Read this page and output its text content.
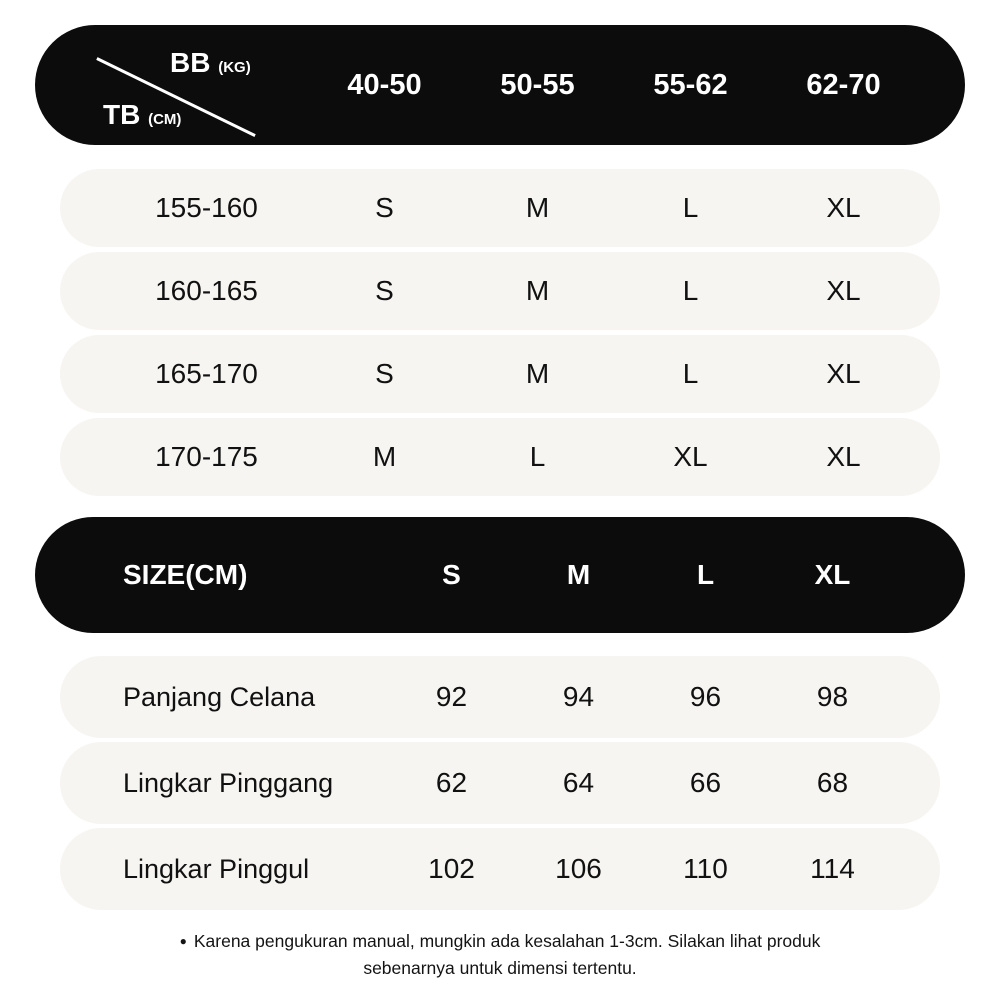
BB (KG)
TB (CM)
40-50	50-55	55-62	62-70
155-160	S	M	L	XL
160-165	S	M	L	XL
165-170	S	M	L	XL
170-175	M	L	XL	XL
SIZE(CM)	S	M	L	XL
Panjang Celana	92	94	96	98
Lingkar Pinggang	62	64	66	68
Lingkar Pinggul	102	106	110	114
● Karena pengukuran manual, mungkin ada kesalahan 1-3cm. Silakan lihat produk
sebenarnya untuk dimensi tertentu.
